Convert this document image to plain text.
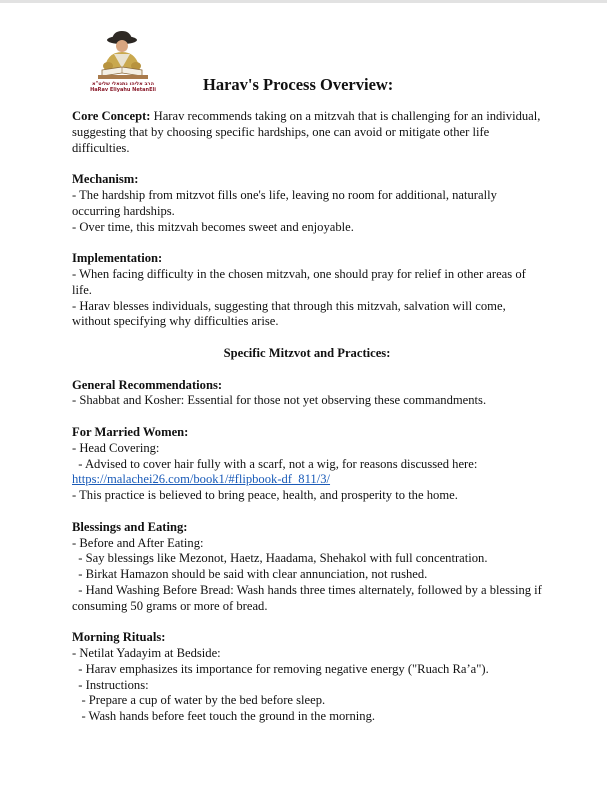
הרב אליהו נתנאלי שליט"א
HaRav Eliyahu NetanEli	Harav's Process Overview:

Core Concept: Harav recommends taking on a mitzvah that is challenging for an individual, suggesting that by choosing specific hardships, one can avoid or mitigate other life difficulties.

Mechanism:

- The hardship from mitzvot fills one's life, leaving no room for additional, naturally occurring hardships.

- Over time, this mitzvah becomes sweet and enjoyable.

Implementation:

- When facing difficulty in the chosen mitzvah, one should pray for relief in other areas of life.

- Harav blesses individuals, suggesting that through this mitzvah, salvation will come, without specifying why difficulties arise.

Specific Mitzvot and Practices:

General Recommendations:

- Shabbat and Kosher: Essential for those not yet observing these commandments.

For Married Women:

- Head Covering:

- Advised to cover hair fully with a scarf, not a wig, for reasons discussed here:

https://malachei26.com/book1/#flipbook-df_811/3/

- This practice is believed to bring peace, health, and prosperity to the home.

Blessings and Eating:

- Before and After Eating:

- Say blessings like Mezonot, Haetz, Haadama, Shehakol with full concentration.

- Birkat Hamazon should be said with clear annunciation, not rushed.

- Hand Washing Before Bread: Wash hands three times alternately, followed by a blessing if consuming 50 grams or more of bread.

Morning Rituals:

- Netilat Yadayim at Bedside:

- Harav emphasizes its importance for removing negative energy ("Ruach Ra’a").

- Instructions:

- Prepare a cup of water by the bed before sleep.

- Wash hands before feet touch the ground in the morning.
